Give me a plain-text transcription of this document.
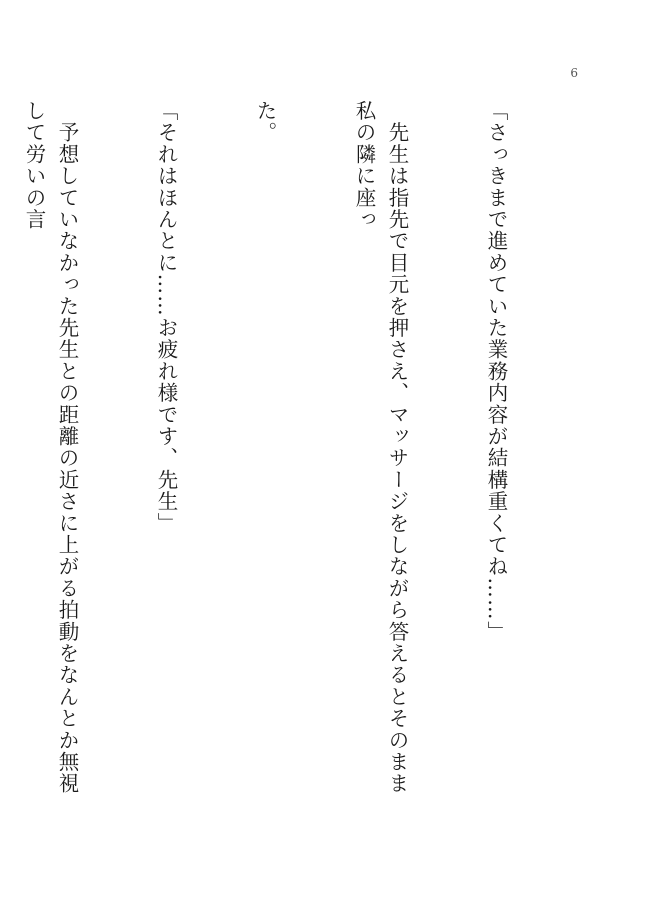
6

「さっきまで進めていた業務内容が結構重くてね……」

　先生は指先で目元を押さえ、マッサージをしながら答えるとそのまま私の隣に座っ

た。

「それはほんとに……お疲れ様です、先生」

　予想していなかった先生との距離の近さに上がる拍動をなんとか無視して労いの言
